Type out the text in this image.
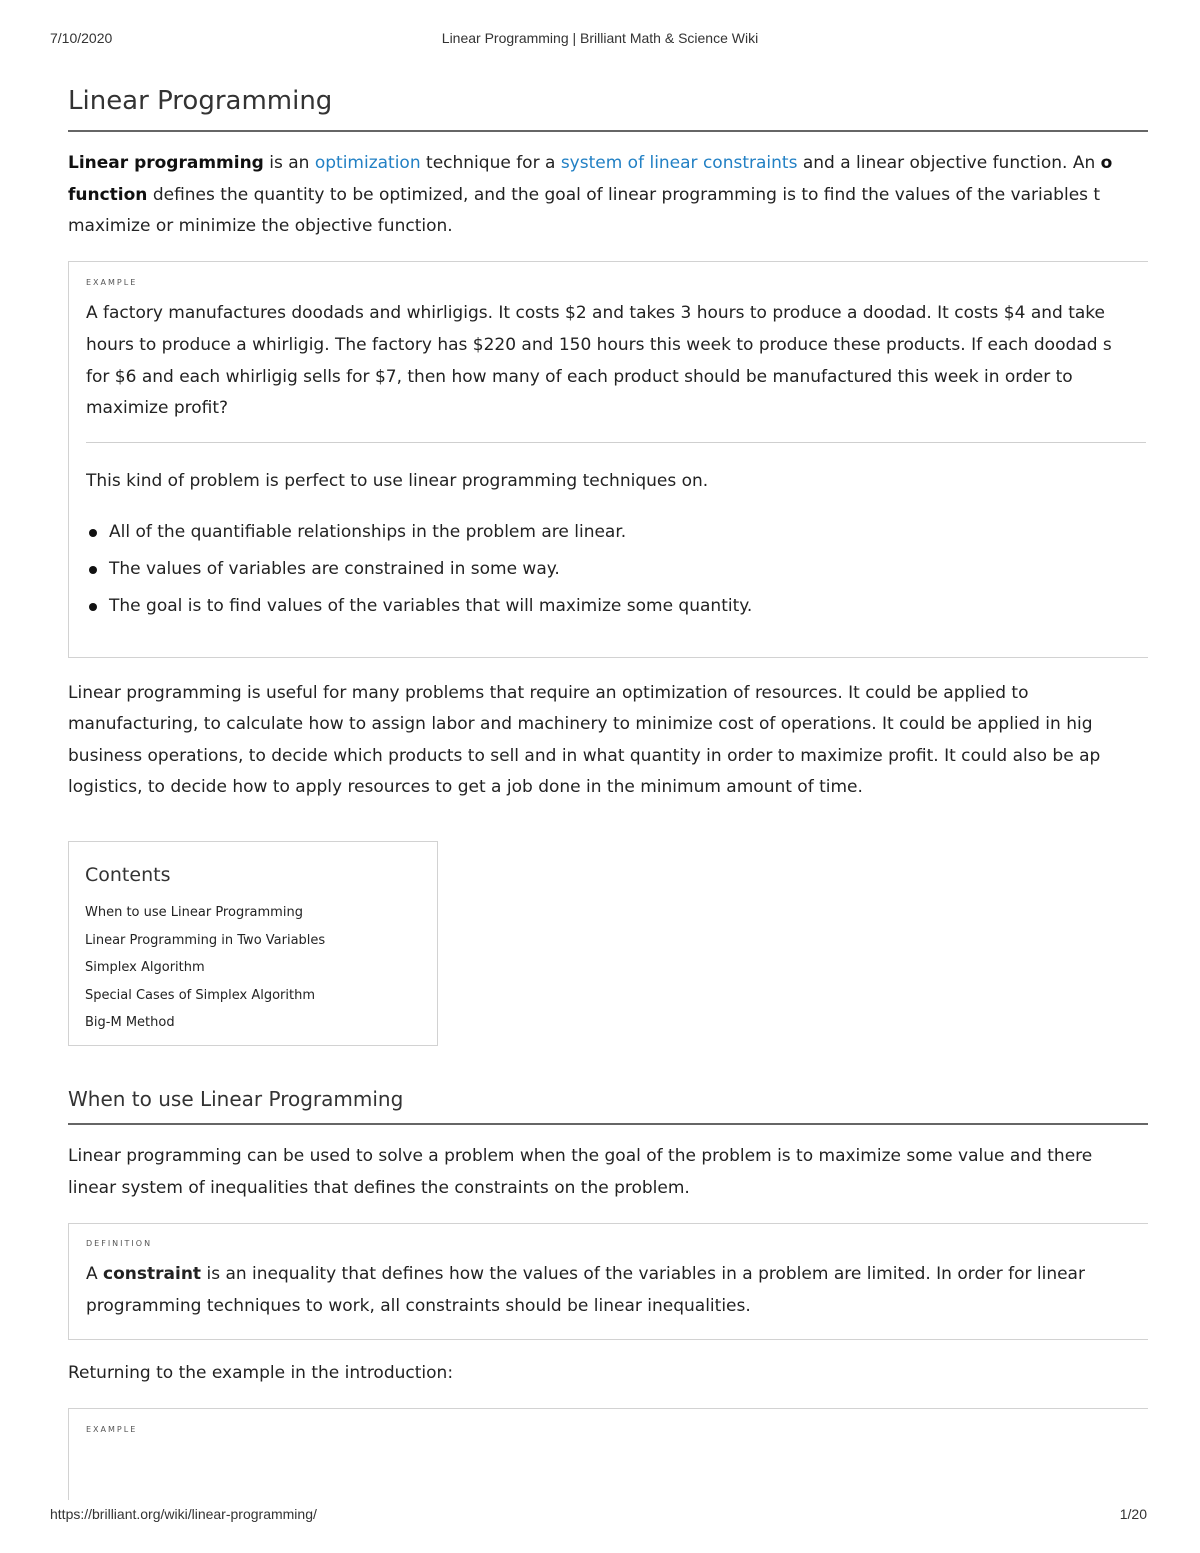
7/10/2020	Linear Programming | Brilliant Math & Science Wiki
Linear Programming

Linear programming is an optimization technique for a system of linear constraints and a linear objective function. An o

function defines the quantity to be optimized, and the goal of linear programming is to find the values of the variables t

maximize or minimize the objective function.

EXAMPLE

A factory manufactures doodads and whirligigs. It costs $2 and takes 3 hours to produce a doodad. It costs $4 and take

hours to produce a whirligig. The factory has $220 and 150 hours this week to produce these products. If each doodad s

for $6 and each whirligig sells for $7, then how many of each product should be manufactured this week in order to

maximize profit?

This kind of problem is perfect to use linear programming techniques on.

All of the quantifiable relationships in the problem are linear.
The values of variables are constrained in some way.
The goal is to find values of the variables that will maximize some quantity.

Linear programming is useful for many problems that require an optimization of resources. It could be applied to

manufacturing, to calculate how to assign labor and machinery to minimize cost of operations. It could be applied in hig

business operations, to decide which products to sell and in what quantity in order to maximize profit. It could also be ap

logistics, to decide how to apply resources to get a job done in the minimum amount of time.

Contents
When to use Linear Programming
Linear Programming in Two Variables
Simplex Algorithm
Special Cases of Simplex Algorithm
Big-M Method
When to use Linear Programming

Linear programming can be used to solve a problem when the goal of the problem is to maximize some value and there

linear system of inequalities that defines the constraints on the problem.

DEFINITION

A constraint is an inequality that defines how the values of the variables in a problem are limited. In order for linear

programming techniques to work, all constraints should be linear inequalities.

Returning to the example in the introduction:

EXAMPLE
https://brilliant.org/wiki/linear-programming/	1/20
